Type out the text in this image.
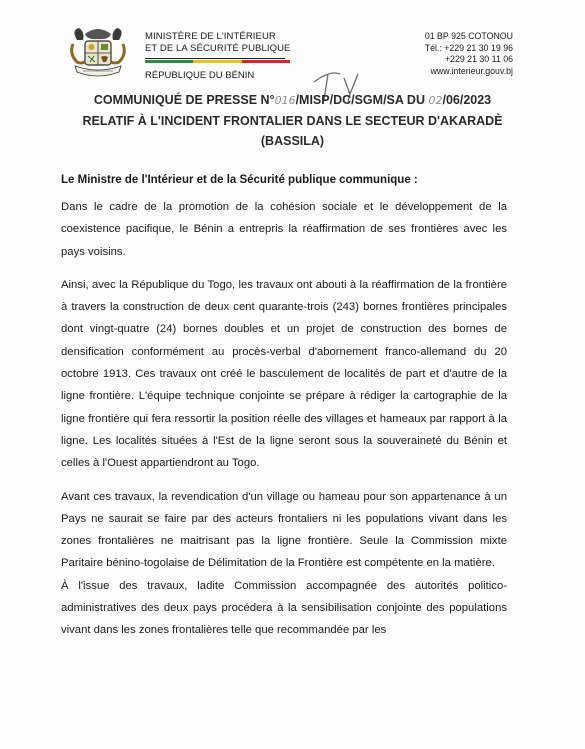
MINISTÈRE DE L'INTÉRIEUR
ET DE LA SÉCURITÉ PUBLIQUE
RÉPUBLIQUE DU BÉNIN
01 BP 925 COTONOU
Tél.: +229 21 30 19 96
+229 21 30 11 06
www.interieur.gouv.bj
COMMUNIQUÉ DE PRESSE N°016/MISP/DC/SGM/SA DU 02/06/2023
RELATIF À L'INCIDENT FRONTALIER DANS LE SECTEUR D'AKARADÈ
(BASSILA)
Le Ministre de l'Intérieur et de la Sécurité publique communique :

Dans le cadre de la promotion de la cohésion sociale et le développement de la coexistence pacifique, le Bénin a entrepris la réaffirmation de ses frontières avec les pays voisins.

Ainsi, avec la République du Togo, les travaux ont abouti à la réaffirmation de la frontière à travers la construction de deux cent quarante-trois (243) bornes frontières principales dont vingt-quatre (24) bornes doubles et un projet de construction des bornes de densification conformément au procès-verbal d'abornement franco-allemand du 20 octobre 1913. Ces travaux ont créé le basculement de localités de part et d'autre de la ligne frontière. L'équipe technique conjointe se prépare à rédiger la cartographie de la ligne frontière qui fera ressortir la position réelle des villages et hameaux par rapport à la ligne. Les localités situées à l'Est de la ligne seront sous la souveraineté du Bénin et celles à l'Ouest appartiendront au Togo.

Avant ces travaux, la revendication d'un village ou hameau pour son appartenance à un Pays ne saurait se faire par des acteurs frontaliers ni les populations vivant dans les zones frontalières ne maitrisant pas la ligne frontière. Seule la Commission mixte Paritaire bénino-togolaise de Délimitation de la Frontière est compétente en la matière.

À l'issue des travaux, ladite Commission accompagnée des autorités politico-administratives des deux pays procédera à la sensibilisation conjointe des populations vivant dans les zones frontalières telle que recommandée par les
